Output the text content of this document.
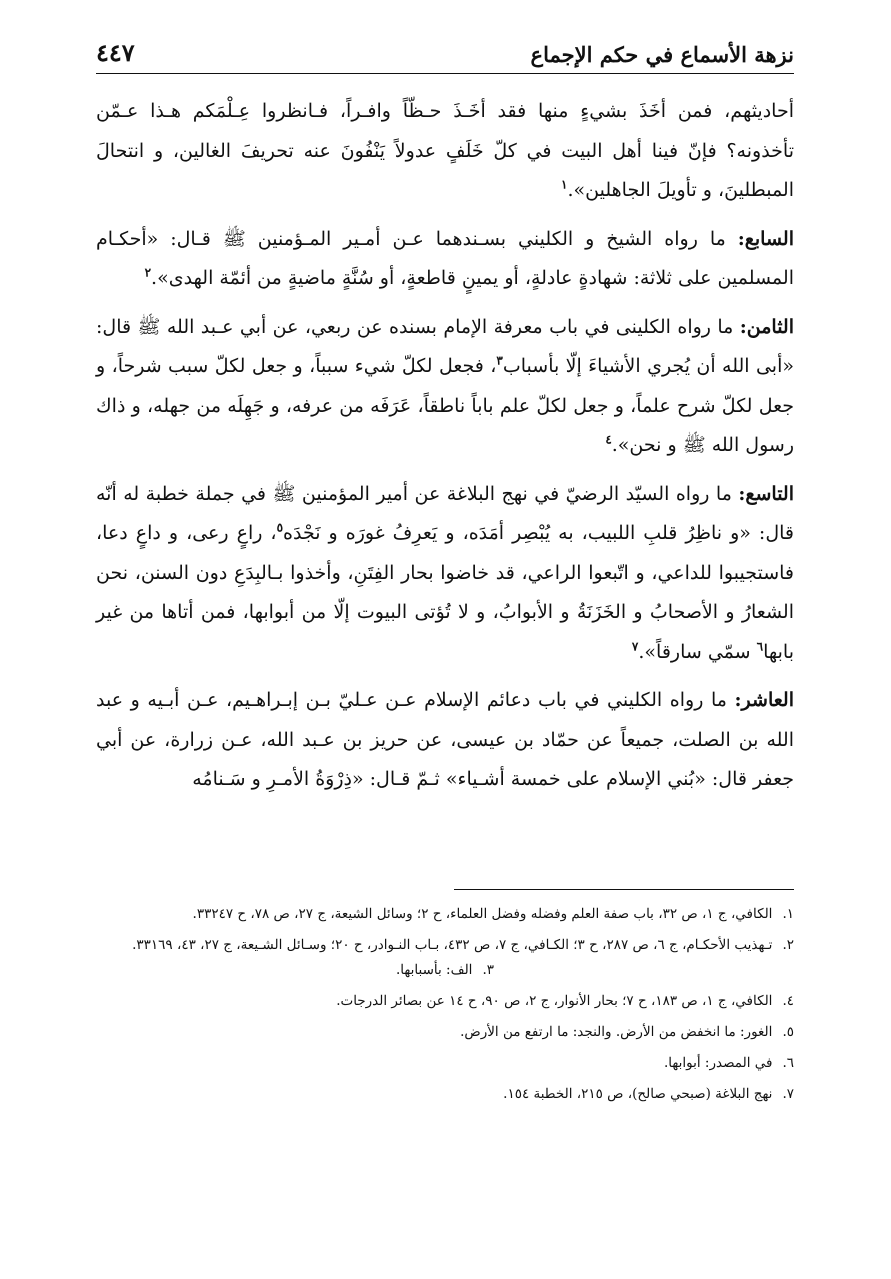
نزهة الأسماع في حكم الإجماع
٤٤٧

أحاديثهم، فمن أخَذَ بشيءٍ منها فقد أخَـذَ حـظّاً وافـراً، فـانظروا عِـلْمَكم هـذا عـمّن تأخذونه؟ فإنّ فينا أهل البيت في كلّ خَلَفٍ عدولاً يَنْفُونَ عنه تحريفَ الغالين، و انتحالَ المبطلينَ، و تأويلَ الجاهلين».$^١$

السابع: ما رواه الشيخ و الكليني بسـندهما عـن أمـير المـؤمنين ﷺ قـال: «أحكـام المسلمين على ثلاثة: شهادةٍ عادلةٍ، أو يمينٍ قاطعةٍ، أو سُنَّةٍ ماضيةٍ من أئمّة الهدى».$^٢$

الثامن: ما رواه الكلينى في باب معرفة الإمام بسنده عن ربعي، عن أبي عـبد الله ﷺ قال: «أبى الله أن يُجري الأشياءَ إلّا بأسباب$^٣$، فجعل لكلّ شيء سبباً، و جعل لكلّ سبب شرحاً، و جعل لكلّ شرح علماً، و جعل لكلّ علم باباً ناطقاً، عَرَفَه من عرفه، و جَهِلَه من جهله، و ذاك رسول الله ﷺ و نحن».$^٤$

التاسع: ما رواه السيّد الرضيّ في نهج البلاغة عن أمير المؤمنين ﷺ في جملة خطبة له أنّه قال: «و ناظِرُ قلبِ اللبيب، به يُبْصِر أمَدَه، و يَعرِفُ غورَه و نَجْدَه$^٥$، راعٍ رعى، و داعٍ دعا، فاستجيبوا للداعي، و اتّبعوا الراعي، قد خاضوا بحار الفِتَنِ، وأخذوا بـالبِدَعِ دون السنن، نحن الشعارُ و الأصحابُ و الخَزَنَةُ و الأبوابُ، و لا تُؤتى البيوت إلّا من أبوابها، فمن أتاها من غير بابها$^٦$ سمّي سارقاً».$^٧$

العاشر: ما رواه الكليني في باب دعائم الإسلام عـن عـليّ بـن إبـراهـيم، عـن أبـيه و عبد الله بن الصلت، جميعاً عن حمّاد بن عيسى، عن حريز بن عـبد الله، عـن زرارة، عن أبي جعفر قال: «بُني الإسلام على خمسة أشـياء» ثـمّ قـال: «ذِرْوَةُ الأمـرِ و سَـنامُه

١.الكافي، ج ١، ص ٣٢، باب صفة العلم وفضله وفضل العلماء، ح ٢؛ وسائل الشيعة، ج ٢٧، ص ٧٨، ح ٣٣٢٤٧.
٢.تـهذيب الأحكـام، ج ٦، ص ٢٨٧، ح ٣؛ الكـافي، ج ٧، ص ٤٣٢، بـاب النـوادر، ح ٢٠؛ وسـائل الشـيعة، ج ٢٧، ٤٣، ٣٣١٦٩.
٣.الف: بأسبابها.
٤.الكافي، ج ١، ص ١٨٣، ح ٧؛ بحار الأنوار، ج ٢، ص ٩٠، ح ١٤ عن بصائر الدرجات.
٥.الغور: ما انخفض من الأرض. والنجد: ما ارتفع من الأرض.
٦.في المصدر: أبوابها.
٧.نهج البلاغة (صبحي صالح)، ص ٢١٥، الخطبة ١٥٤.
